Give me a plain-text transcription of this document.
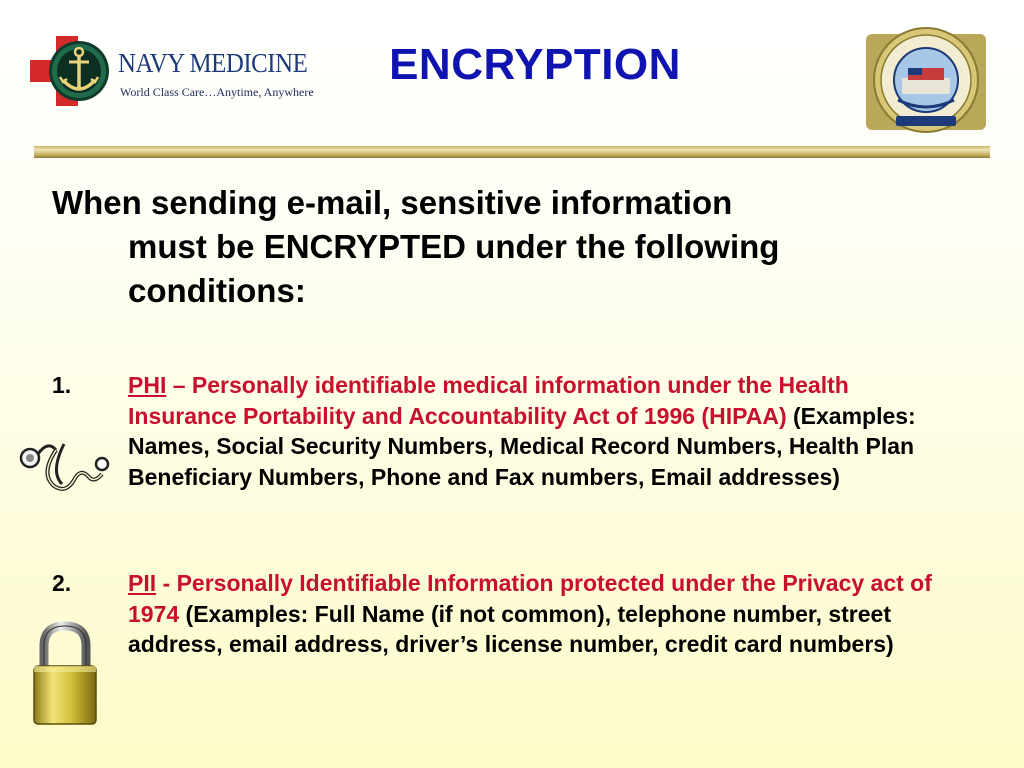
NAVY MEDICINE
World Class Care…Anytime, Anywhere
ENCRYPTION
When sending e-mail, sensitive information
must be ENCRYPTED under the following
conditions:
1. PHI – Personally identifiable medical information under the Health Insurance Portability and Accountability Act of 1996 (HIPAA) (Examples: Names, Social Security Numbers, Medical Record Numbers, Health Plan Beneficiary Numbers, Phone and Fax numbers, Email addresses)
2. PII - Personally Identifiable Information protected under the Privacy act of 1974 (Examples: Full Name (if not common), telephone number, street address, email address, driver’s license number, credit card numbers)
